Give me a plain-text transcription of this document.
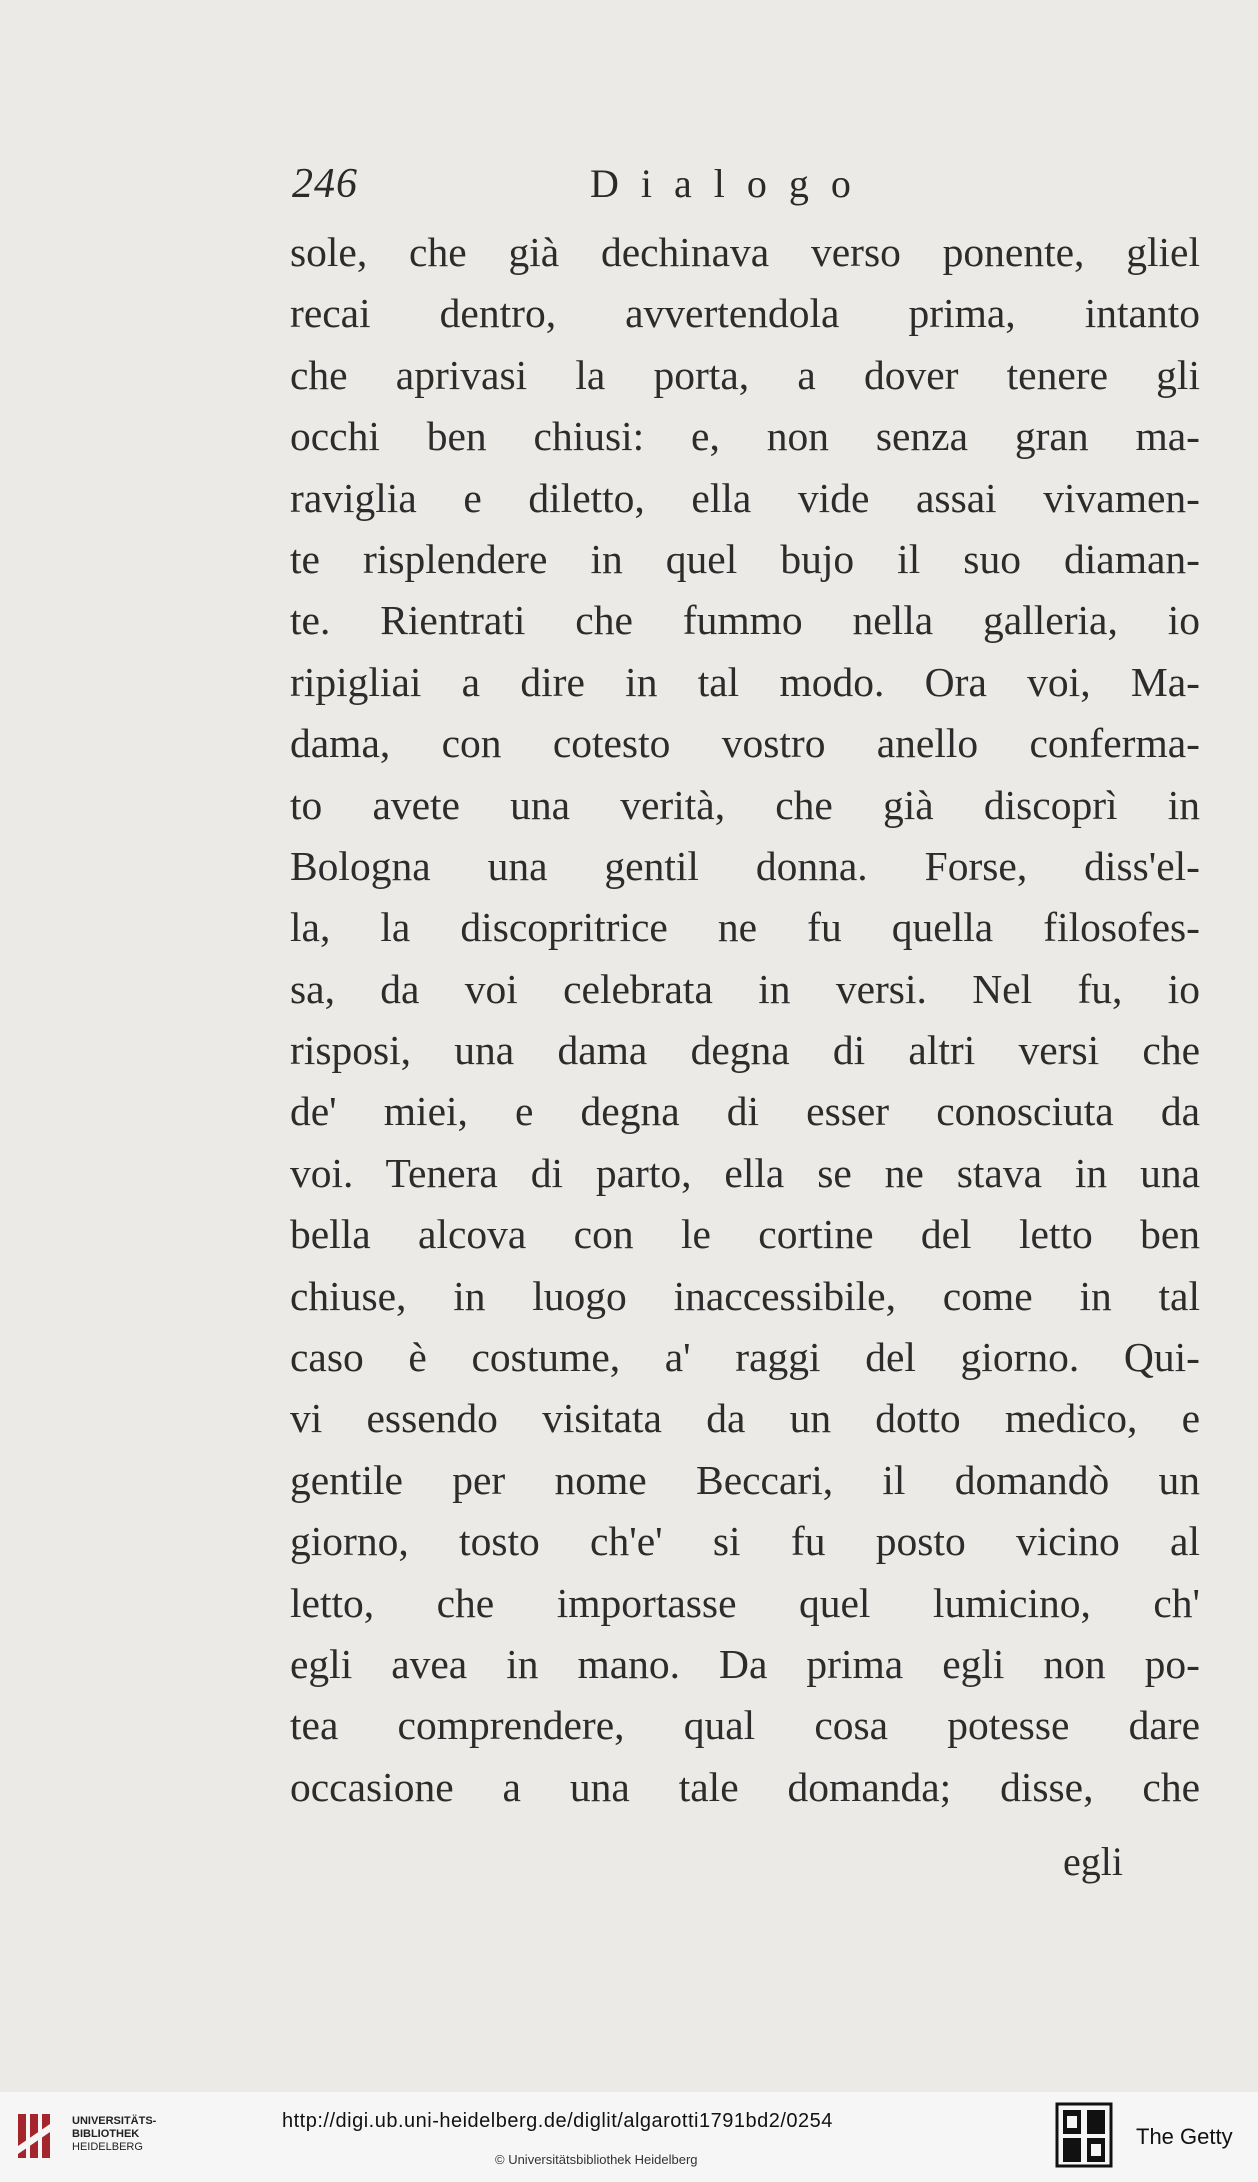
246	Dialogo
sole, che già dechinava verso ponente, gliel
recai dentro, avvertendola prima, intanto
che aprivasi la porta, a dover tenere gli
occhi ben chiusi: e, non senza gran ma-
raviglia e diletto, ella vide assai vivamen-
te risplendere in quel bujo il suo diaman-
te. Rientrati che fummo nella galleria, io
ripigliai a dire in tal modo. Ora voi, Ma-
dama, con cotesto vostro anello conferma-
to avete una verità, che già discoprì in
Bologna una gentil donna. Forse, diss'el-
la, la discopritrice ne fu quella filosofes-
sa, da voi celebrata in versi. Nel fu, io
risposi, una dama degna di altri versi che
de' miei, e degna di esser conosciuta da
voi. Tenera di parto, ella se ne stava in una
bella alcova con le cortine del letto ben
chiuse, in luogo inaccessibile, come in tal
caso è costume, a' raggi del giorno. Qui-
vi essendo visitata da un dotto medico, e
gentile per nome Beccari, il domandò un
giorno, tosto ch'e' si fu posto vicino al
letto, che importasse quel lumicino, ch'
egli avea in mano. Da prima egli non po-
tea comprendere, qual cosa potesse dare
occasione a una tale domanda; disse, che
egli
UNIVERSITÄTS-
BIBLIOTHEK
HEIDELBERG
http://digi.ub.uni-heidelberg.de/diglit/algarotti1791bd2/0254
© Universitätsbibliothek Heidelberg
The Getty
